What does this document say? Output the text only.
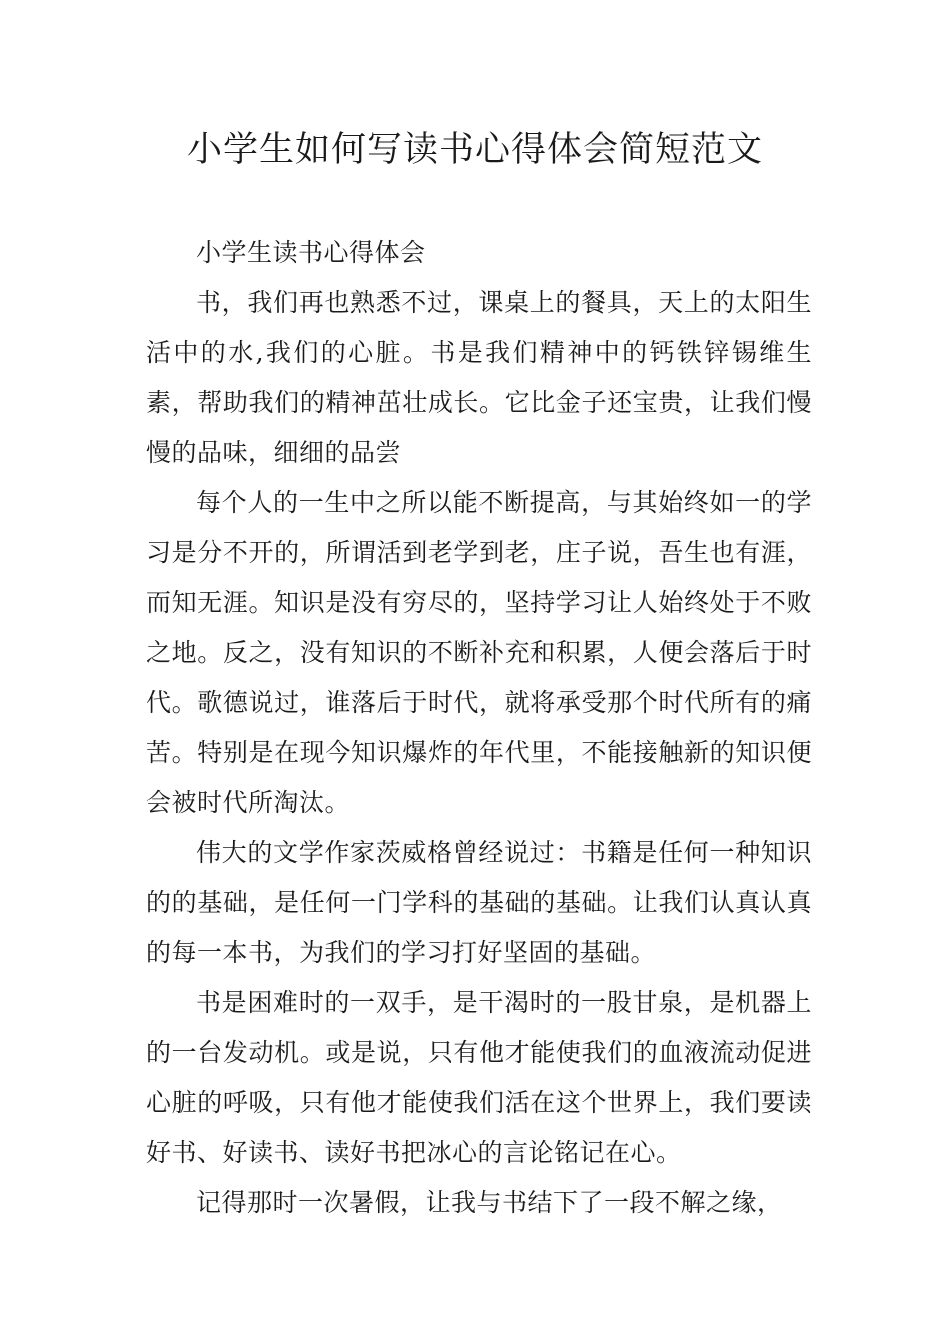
小学生如何写读书心得体会简短范文

小学生读书心得体会

书，我们再也熟悉不过，课桌上的餐具，天上的太阳生活中的水,我们的心脏。书是我们精神中的钙铁锌锡维生素，帮助我们的精神茁壮成长。它比金子还宝贵，让我们慢慢的品味，细细的品尝

每个人的一生中之所以能不断提高，与其始终如一的学习是分不开的，所谓活到老学到老，庄子说，吾生也有涯，而知无涯。知识是没有穷尽的，坚持学习让人始终处于不败之地。反之，没有知识的不断补充和积累，人便会落后于时代。歌德说过，谁落后于时代，就将承受那个时代所有的痛苦。特别是在现今知识爆炸的年代里，不能接触新的知识便会被时代所淘汰。

伟大的文学作家茨威格曾经说过：书籍是任何一种知识的的基础，是任何一门学科的基础的基础。让我们认真认真的每一本书，为我们的学习打好坚固的基础。

书是困难时的一双手，是干渴时的一股甘泉，是机器上的一台发动机。或是说，只有他才能使我们的血液流动促进心脏的呼吸，只有他才能使我们活在这个世界上，我们要读好书、好读书、读好书把冰心的言论铭记在心。

记得那时一次暑假，让我与书结下了一段不解之缘，
